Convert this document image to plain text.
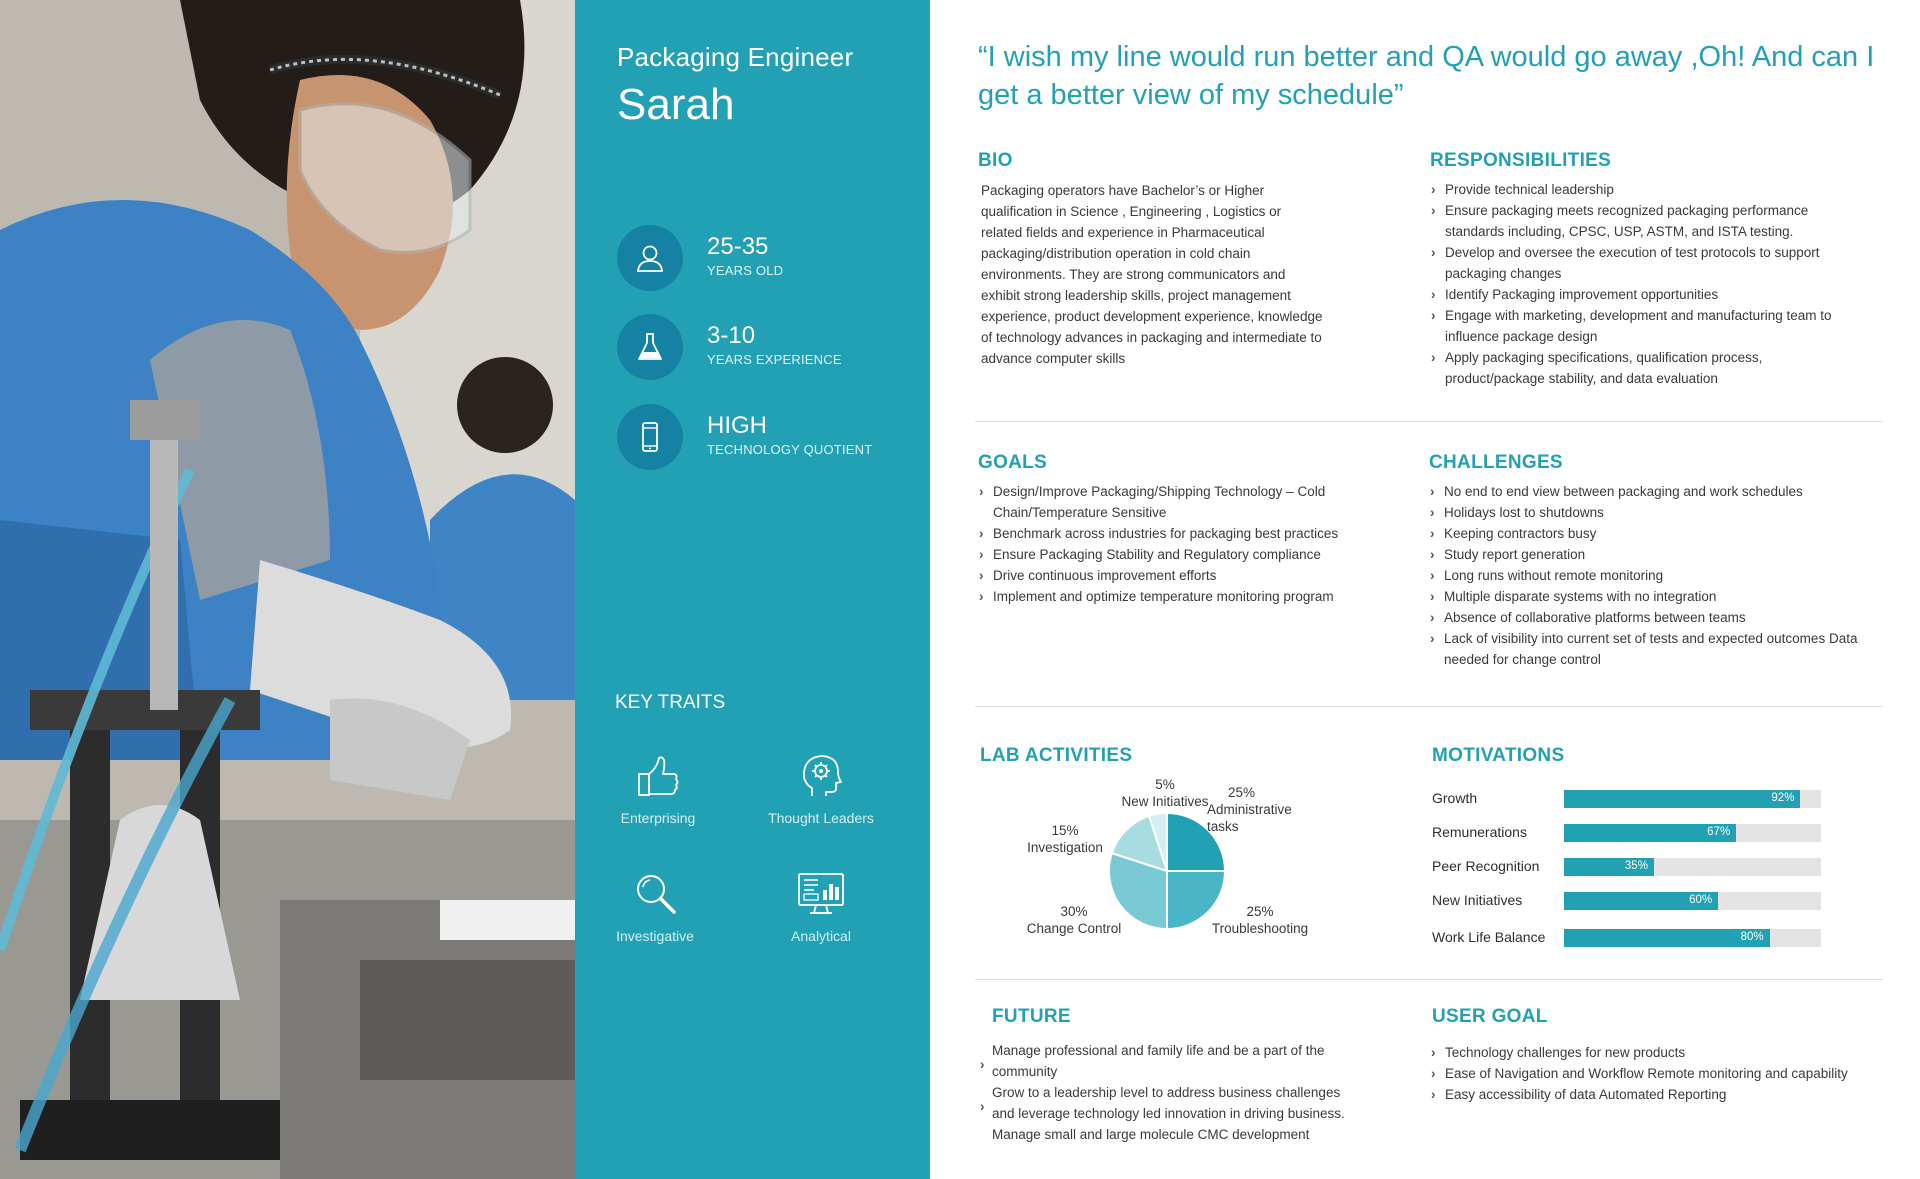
Packaging Engineer
Sarah
25-35
YEARS OLD
3-10
YEARS EXPERIENCE
HIGH
TECHNOLOGY QUOTIENT
KEY TRAITS
Enterprising	Thought Leaders
Investigative	Analytical
“I wish my line would run better and QA would go away ,Oh! And can I get a better view of my schedule”
BIO
Packaging operators have Bachelor’s or Higher qualification in Science , Engineering , Logistics or related fields and experience in Pharmaceutical packaging/distribution operation in cold chain environments. They are strong communicators and exhibit strong leadership skills, project management experience, product development experience, knowledge of technology advances in packaging and intermediate to advance computer skills
RESPONSIBILITIES
› Provide technical leadership
› Ensure packaging meets recognized packaging performance standards including, CPSC, USP, ASTM, and ISTA testing.
› Develop and oversee the execution of test protocols to support packaging changes
› Identify Packaging improvement opportunities
› Engage with marketing, development and manufacturing team to influence package design
› Apply packaging specifications, qualification process, product/package stability, and data evaluation
GOALS
› Design/Improve Packaging/Shipping Technology – Cold Chain/Temperature Sensitive
› Benchmark across industries for packaging best practices
› Ensure Packaging Stability and Regulatory compliance
› Drive continuous improvement efforts
› Implement and optimize temperature monitoring program
CHALLENGES
› No end to end view between packaging and work schedules
› Holidays lost to shutdowns
› Keeping contractors busy
› Study report generation
› Long runs without remote monitoring
› Multiple disparate systems with no integration
› Absence of collaborative platforms between teams
› Lack of visibility into current set of tests and expected outcomes Data needed for change control
LAB ACTIVITIES
25%
Administrative tasks
25%
Troubleshooting
30%
Change Control
15%
Investigation
5%
New Initiatives
MOTIVATIONS
Growth	92%
Remunerations	67%
Peer Recognition	35%
New Initiatives	60%
Work Life Balance	80%
FUTURE
› Manage professional and family life and be a part of the community
› Grow to a leadership level to address business challenges and leverage technology led innovation in driving business.
Manage small and large molecule CMC development
USER GOAL
› Technology challenges for new products
› Ease of Navigation and Workflow Remote monitoring and capability
› Easy accessibility of data Automated Reporting
